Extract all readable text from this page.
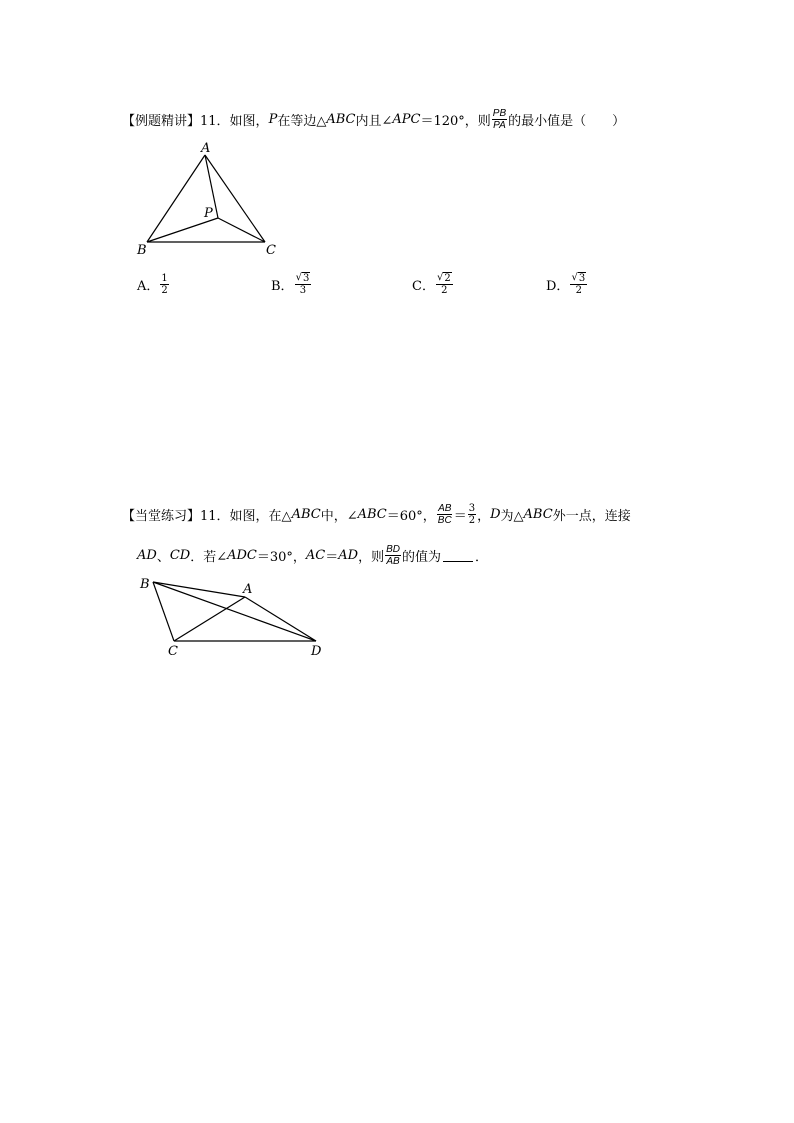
【例题精讲】 11．如图， P 在等边△ ABC 内且∠ APC ＝120°，则 $\frac{PB}{PA}$ 的最小值是（　　）
A
B	C
P
A． $\frac{1}{2}$	B． $\frac{√ 3}{3}$	C． $\frac{√ 2}{2}$	D． $\frac{√ 3}{2}$
【当堂练习】 11．如图，在△ ABC 中，∠ ABC ＝60°， $\frac{AB}{BC} = \frac{3}{2}$ ， D 为△ ABC 外一点，连接
AD 、 CD ．若∠ ADC ＝30°， AC ＝ AD ，则 $\frac{BD}{AB}$ 的值为	．
B	A
C	D
